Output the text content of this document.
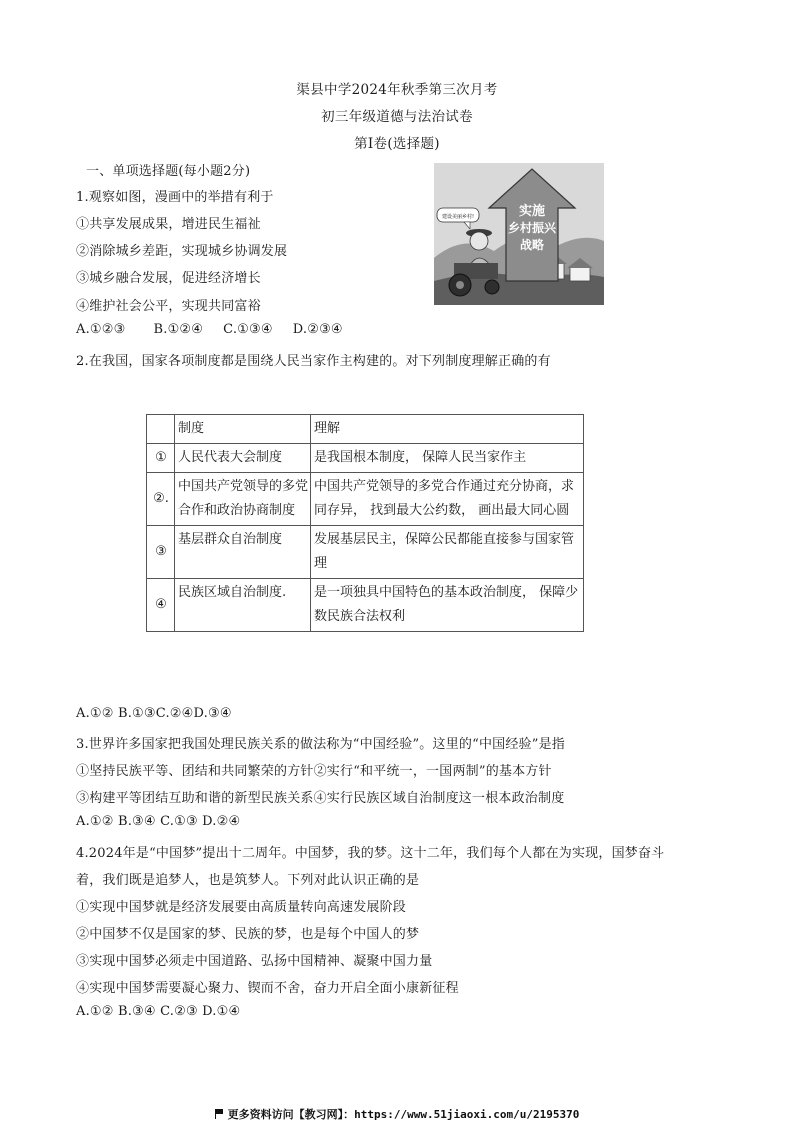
渠县中学2024年秋季第三次月考
初三年级道德与法治试卷
第Ⅰ卷(选择题)
一、单项选择题(每小题2分)
1.观察如图，漫画中的举措有利于
①共享发展成果，增进民生福祉
②消除城乡差距，实现城乡协调发展
③城乡融合发展，促进经济增长
④维护社会公平，实现共同富裕
A.①②③ B.①②④ C.①③④ D.②③④
实施
乡村振兴
战略
建设美丽乡村!
2.在我国，国家各项制度都是围绕人民当家作主构建的。对下列制度理解正确的有
	制度	理解
①	人民代表大会制度	是我国根本制度， 保障人民当家作主
②.	中国共产党领导的多党合作和政治协商制度	中国共产党领导的多党合作通过充分协商，求同存异， 找到最大公约数， 画出最大同心圆
③	基层群众自治制度	发展基层民主，保障公民都能直接参与国家管理
④	民族区域自治制度.	是一项独具中国特色的基本政治制度， 保障少数民族合法权利
A.①② B.①③C.②④D.③④
3.世界许多国家把我国处理民族关系的做法称为“中国经验”。这里的“中国经验”是指
①坚持民族平等、团结和共同繁荣的方针②实行“和平统一，一国两制”的基本方针
③构建平等团结互助和谐的新型民族关系④实行民族区域自治制度这一根本政治制度
A.①② B.③④ C.①③ D.②④
4.2024年是“中国梦”提出十二周年。中国梦，我的梦。这十二年，我们每个人都在为实现，国梦奋斗
着，我们既是追梦人，也是筑梦人。下列对此认识正确的是
①实现中国梦就是经济发展要由高质量转向高速发展阶段
②中国梦不仅是国家的梦、民族的梦，也是每个中国人的梦
③实现中国梦必须走中国道路、弘扬中国精神、凝聚中国力量
④实现中国梦需要凝心聚力、锲而不舍，奋力开启全面小康新征程
A.①② B.③④ C.②③ D.①④
更多资料访问【教习网】：https://www.51jiaoxi.com/u/2195370
